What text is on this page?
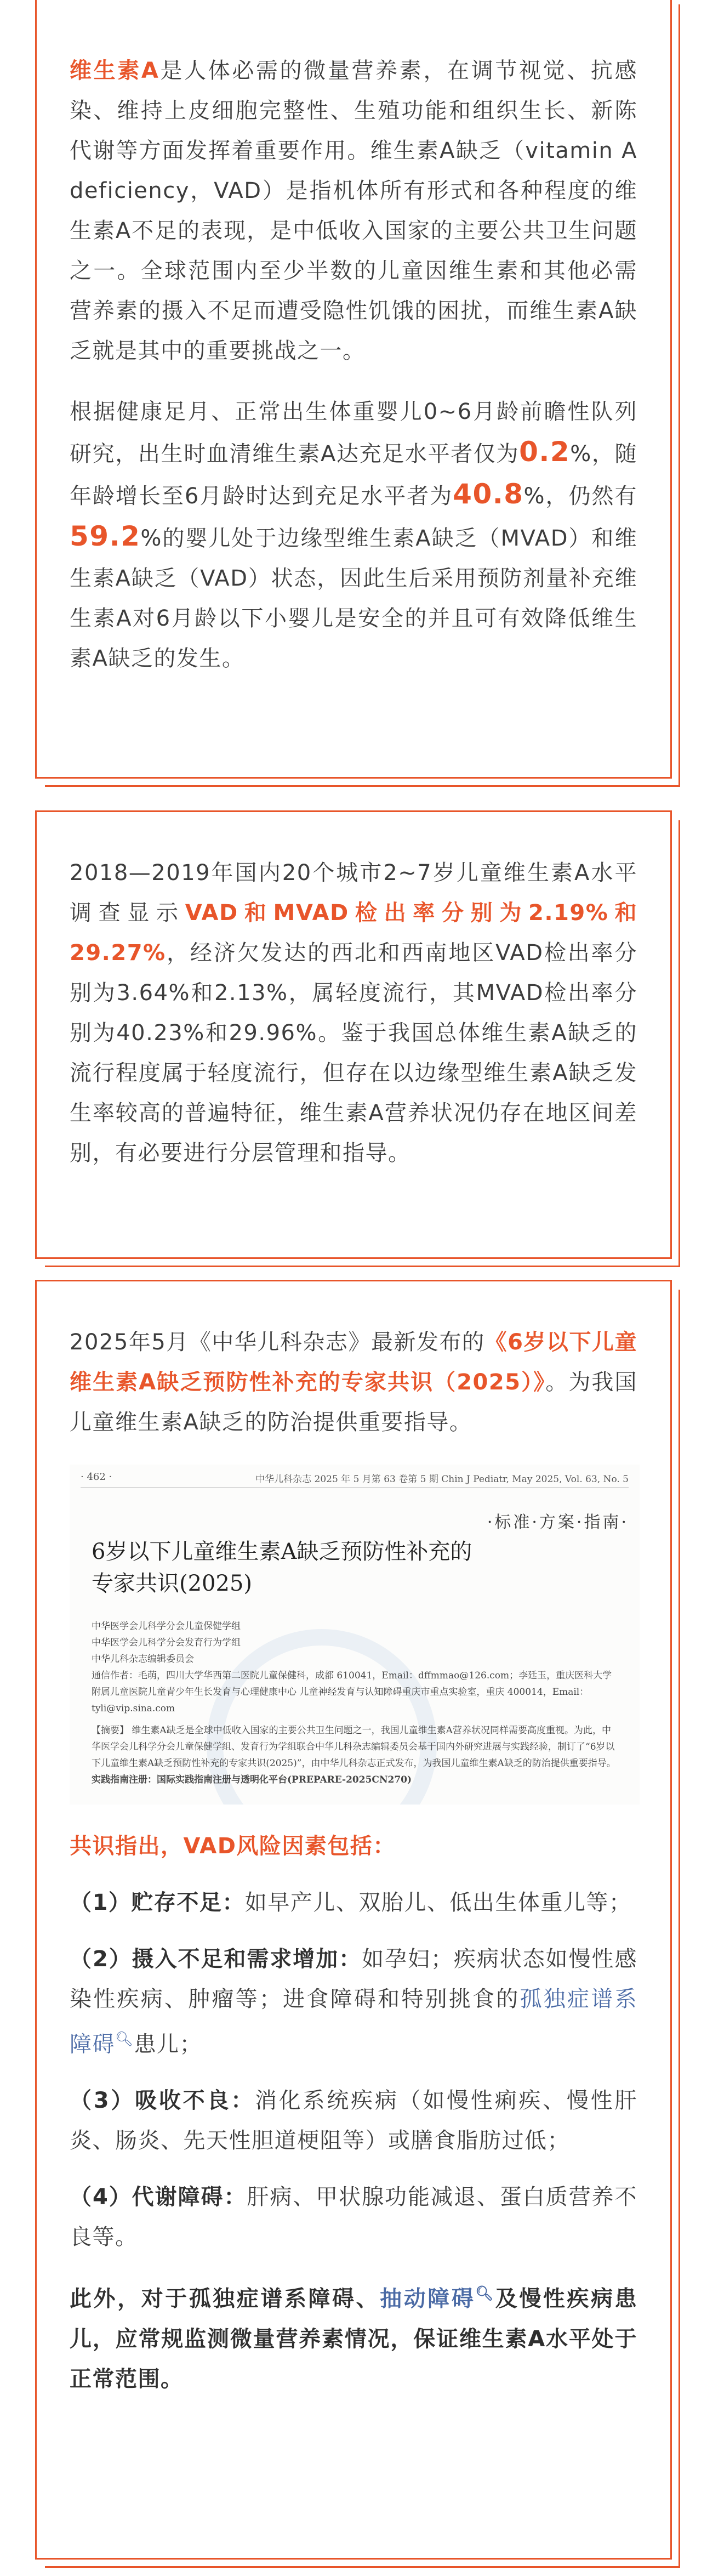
维生素A是人体必需的微量营养素，在调节视觉、抗感染、维持上皮细胞完整性、生殖功能和组织生长、新陈代谢等方面发挥着重要作用。维生素A缺乏（vitamin A deficiency，VAD）是指机体所有形式和各种程度的维生素A不足的表现，是中低收入国家的主要公共卫生问题之一。全球范围内至少半数的儿童因维生素和其他必需营养素的摄入不足而遭受隐性饥饿的困扰，而维生素A缺乏就是其中的重要挑战之一。

根据健康足月、正常出生体重婴儿0~6月龄前瞻性队列研究，出生时血清维生素A达充足水平者仅为0.2%，随年龄增长至6月龄时达到充足水平者为40.8%，仍然有59.2%的婴儿处于边缘型维生素A缺乏（MVAD）和维生素A缺乏（VAD）状态，因此生后采用预防剂量补充维生素A对6月龄以下小婴儿是安全的并且可有效降低维生素A缺乏的发生。

2018—2019年国内20个城市2~7岁儿童维生素A水平调查显示VAD和MVAD检出率分别为2.19%和29.27%，经济欠发达的西北和西南地区VAD检出率分别为3.64%和2.13%，属轻度流行，其MVAD检出率分别为40.23%和29.96%。鉴于我国总体维生素A缺乏的流行程度属于轻度流行，但存在以边缘型维生素A缺乏发生率较高的普遍特征，维生素A营养状况仍存在地区间差别，有必要进行分层管理和指导。

2025年5月《中华儿科杂志》最新发布的《6岁以下儿童维生素A缺乏预防性补充的专家共识（2025）》。为我国儿童维生素A缺乏的防治提供重要指导。

· 462 ·	中华儿科杂志 2025 年 5 月第 63 卷第 5 期 Chin J Pediatr, May 2025, Vol. 63, No. 5
·标准·方案·指南·
6岁以下儿童维生素A缺乏预防性补充的
专家共识(2025)
中华医学会儿科学分会儿童保健学组
中华医学会儿科学分会发育行为学组
中华儿科杂志编辑委员会
通信作者：毛萌，四川大学华西第二医院儿童保健科，成都 610041，Email：dffmmao@126.com；李廷玉，重庆医科大学附属儿童医院儿童青少年生长发育与心理健康中心 儿童神经发育与认知障碍重庆市重点实验室，重庆 400014，Email：tyli@vip.sina.com
【摘要】 维生素A缺乏是全球中低收入国家的主要公共卫生问题之一，我国儿童维生素A营养状况同样需要高度重视。为此，中华医学会儿科学分会儿童保健学组、发育行为学组联合中华儿科杂志编辑委员会基于国内外研究进展与实践经验，制订了“6岁以下儿童维生素A缺乏预防性补充的专家共识(2025)”，由中华儿科杂志正式发布，为我国儿童维生素A缺乏的防治提供重要指导。
实践指南注册：国际实践指南注册与透明化平台(PREPARE-2025CN270)

共识指出，VAD风险因素包括：

（1）贮存不足：如早产儿、双胎儿、低出生体重儿等；

（2）摄入不足和需求增加：如孕妇；疾病状态如慢性感染性疾病、肿瘤等；进食障碍和特别挑食的孤独症谱系障碍🔍︎患儿；

（3）吸收不良：消化系统疾病（如慢性痢疾、慢性肝炎、肠炎、先天性胆道梗阻等）或膳食脂肪过低；

（4）代谢障碍：肝病、甲状腺功能减退、蛋白质营养不良等。

此外，对于孤独症谱系障碍、抽动障碍🔍︎及慢性疾病患儿，应常规监测微量营养素情况，保证维生素A水平处于正常范围。
